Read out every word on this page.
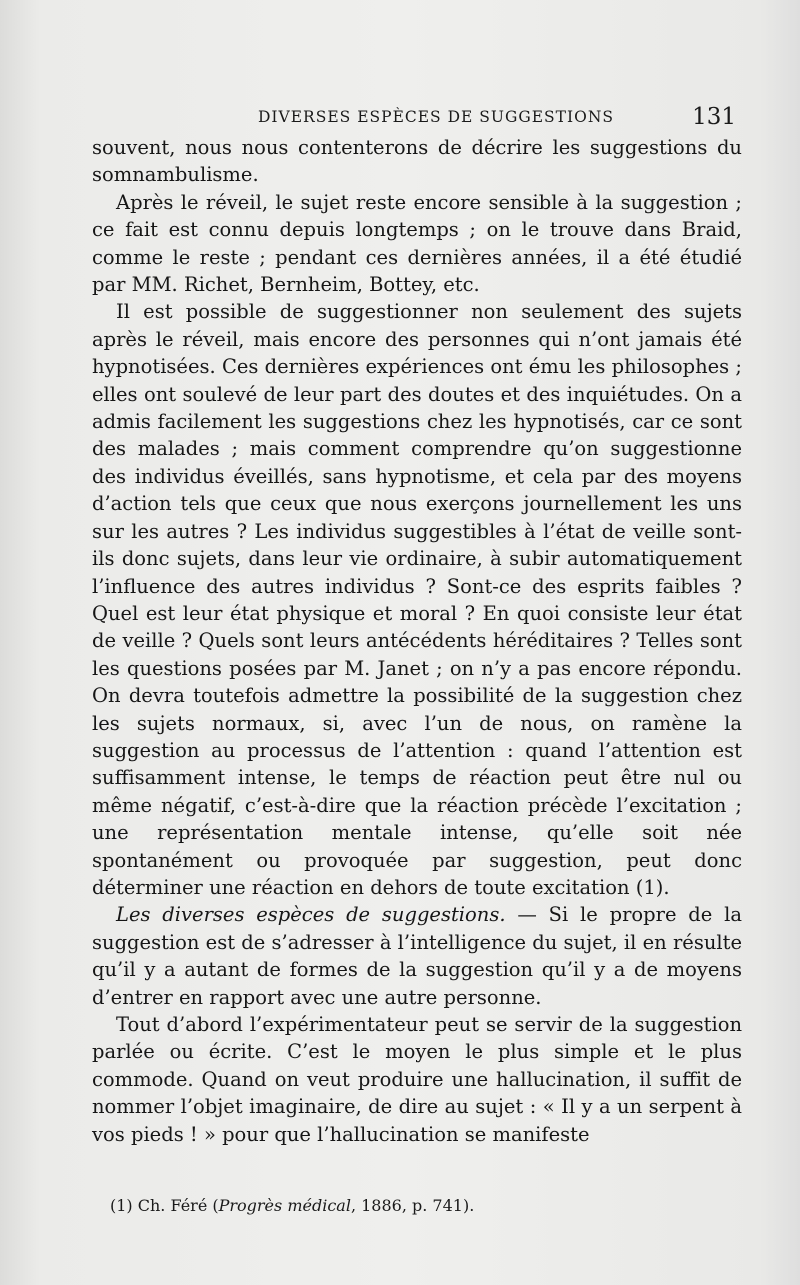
DIVERSES ESPÈCES DE SUGGESTIONS	131

souvent, nous nous contenterons de décrire les suggestions du somnambulisme.

Après le réveil, le sujet reste encore sensible à la suggestion ; ce fait est connu depuis longtemps ; on le trouve dans Braid, comme le reste ; pendant ces dernières années, il a été étudié par MM. Richet, Bernheim, Bottey, etc.

Il est possible de suggestionner non seulement des sujets après le réveil, mais encore des personnes qui n’ont jamais été hypnotisées. Ces dernières expériences ont ému les philosophes ; elles ont soulevé de leur part des doutes et des inquiétudes. On a admis facilement les suggestions chez les hypnotisés, car ce sont des malades ; mais comment comprendre qu’on suggestionne des individus éveillés, sans hypnotisme, et cela par des moyens d’action tels que ceux que nous exerçons journellement les uns sur les autres ? Les individus suggestibles à l’état de veille sont-ils donc sujets, dans leur vie ordinaire, à subir automatiquement l’influence des autres individus ? Sont-ce des esprits faibles ? Quel est leur état physique et moral ? En quoi consiste leur état de veille ? Quels sont leurs antécédents héréditaires ? Telles sont les questions posées par M. Janet ; on n’y a pas encore répondu. On devra toutefois admettre la possibilité de la suggestion chez les sujets normaux, si, avec l’un de nous, on ramène la suggestion au processus de l’attention : quand l’attention est suffisamment intense, le temps de réaction peut être nul ou même négatif, c’est-à-dire que la réaction précède l’excitation ; une représentation mentale intense, qu’elle soit née spontanément ou provoquée par suggestion, peut donc déterminer une réaction en dehors de toute excitation (1).

Les diverses espèces de suggestions. — Si le propre de la suggestion est de s’adresser à l’intelligence du sujet, il en résulte qu’il y a autant de formes de la suggestion qu’il y a de moyens d’entrer en rapport avec une autre personne.

Tout d’abord l’expérimentateur peut se servir de la suggestion parlée ou écrite. C’est le moyen le plus simple et le plus commode. Quand on veut produire une hallucination, il suffit de nommer l’objet imaginaire, de dire au sujet : « Il y a un serpent à vos pieds ! » pour que l’hallucination se manifeste

(1) Ch. Féré (Progrès médical, 1886, p. 741).
